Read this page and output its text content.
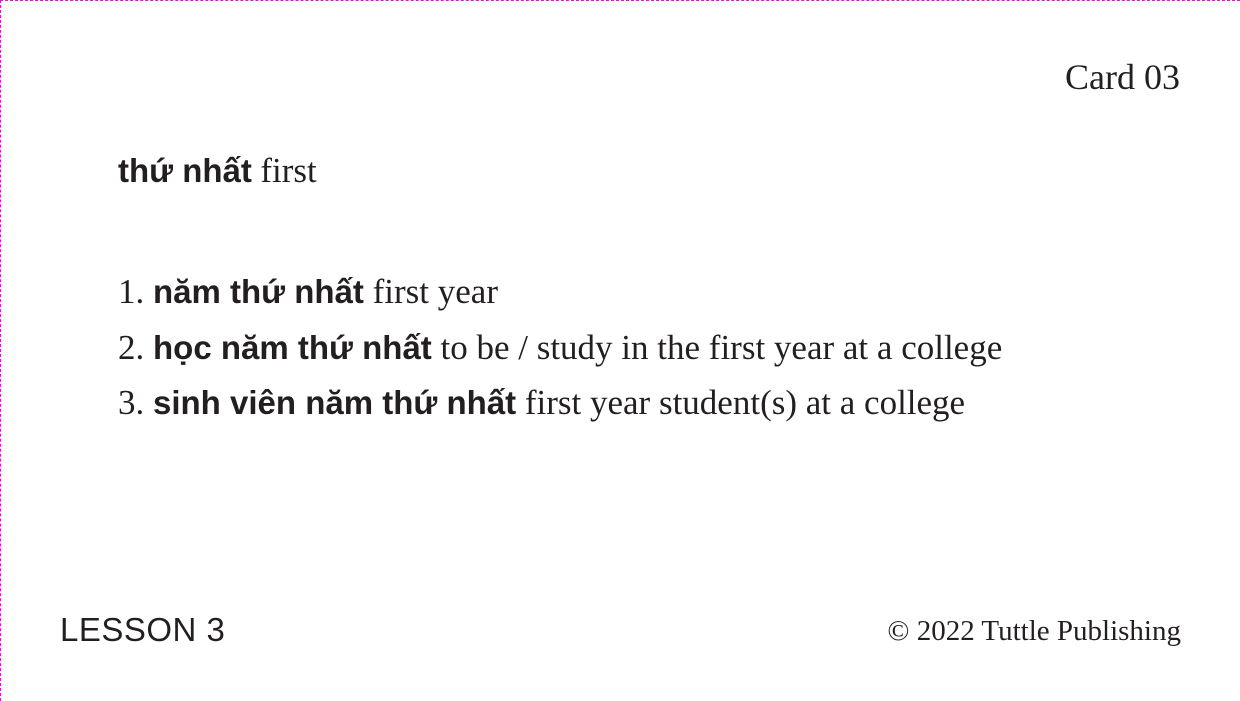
Card 03
thứ nhất first
1. năm thứ nhất first year
2. học năm thứ nhất to be / study in the first year at a college
3. sinh viên năm thứ nhất first year student(s) at a college
LESSON 3	© 2022 Tuttle Publishing
